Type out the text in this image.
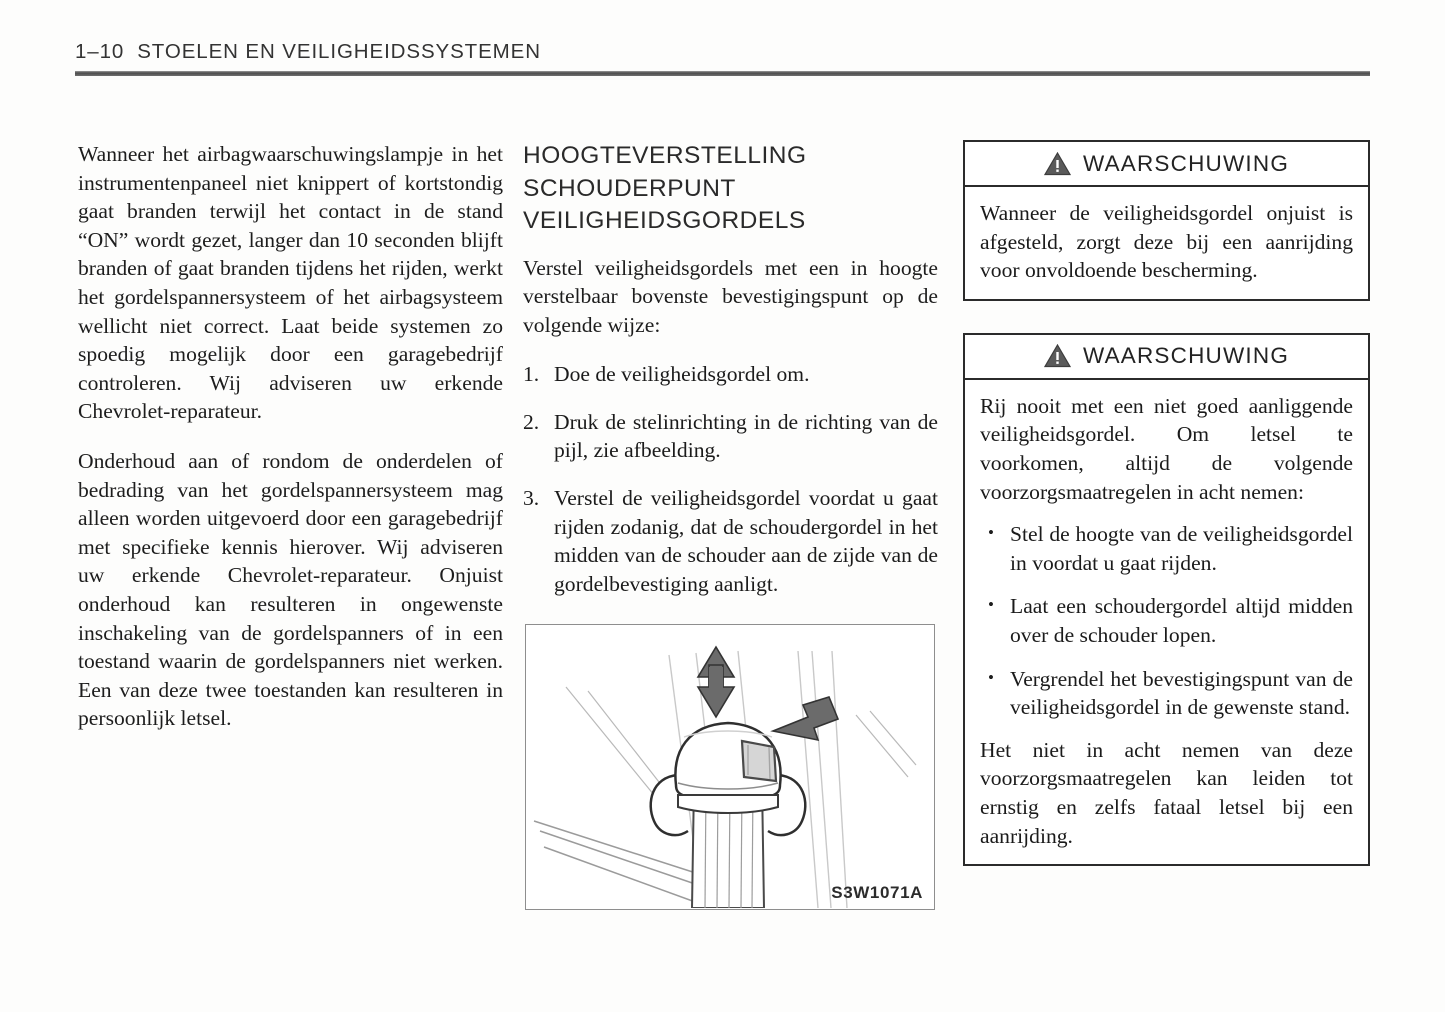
1–10 STOELEN EN VEILIGHEIDSSYSTEMEN

Wanneer het airbagwaarschuwingslampje in het instrumentenpaneel niet knippert of kortstondig gaat branden terwijl het contact in de stand “ON” wordt gezet, langer dan 10 seconden blijft branden of gaat branden tijdens het rijden, werkt het gordelspannersysteem of het airbagsysteem wellicht niet correct. Laat beide systemen zo spoedig mogelijk door een garagebedrijf controleren. Wij adviseren uw erkende Chevrolet-reparateur.

Onderhoud aan of rondom de onderdelen of bedrading van het gordelspannersysteem mag alleen worden uitgevoerd door een garagebedrijf met specifieke kennis hierover. Wij adviseren uw erkende Chevrolet-reparateur. Onjuist onderhoud kan resulteren in ongewenste inschakeling van de gordelspanners of in een toestand waarin de gordelspanners niet werken. Een van deze twee toestanden kan resulteren in persoonlijk letsel.

HOOGTEVERSTELLING SCHOUDERPUNT VEILIGHEIDSGORDELS

Verstel veiligheidsgordels met een in hoogte verstelbaar bovenste bevestigingspunt op de volgende wijze:

1. Doe de veiligheidsgordel om.
2. Druk de stelinrichting in de richting van de pijl, zie afbeelding.
3. Verstel de veiligheidsgordel voordat u gaat rijden zodanig, dat de schoudergordel in het midden van de schouder aan de zijde van de gordelbevestiging aanligt.
S3W1071A
WAARSCHUWING

Wanneer de veiligheidsgordel onjuist is afgesteld, zorgt deze bij een aanrijding voor onvoldoende bescherming.

WAARSCHUWING

Rij nooit met een niet goed aanliggende veiligheidsgordel. Om letsel te voorkomen, altijd de volgende voorzorgsmaatregelen in acht nemen:

• Stel de hoogte van de veiligheidsgordel in voordat u gaat rijden.
• Laat een schoudergordel altijd midden over de schouder lopen.
• Vergrendel het bevestigingspunt van de veiligheidsgordel in de gewenste stand.

Het niet in acht nemen van deze voorzorgsmaatregelen kan leiden tot ernstig en zelfs fataal letsel bij een aanrijding.
